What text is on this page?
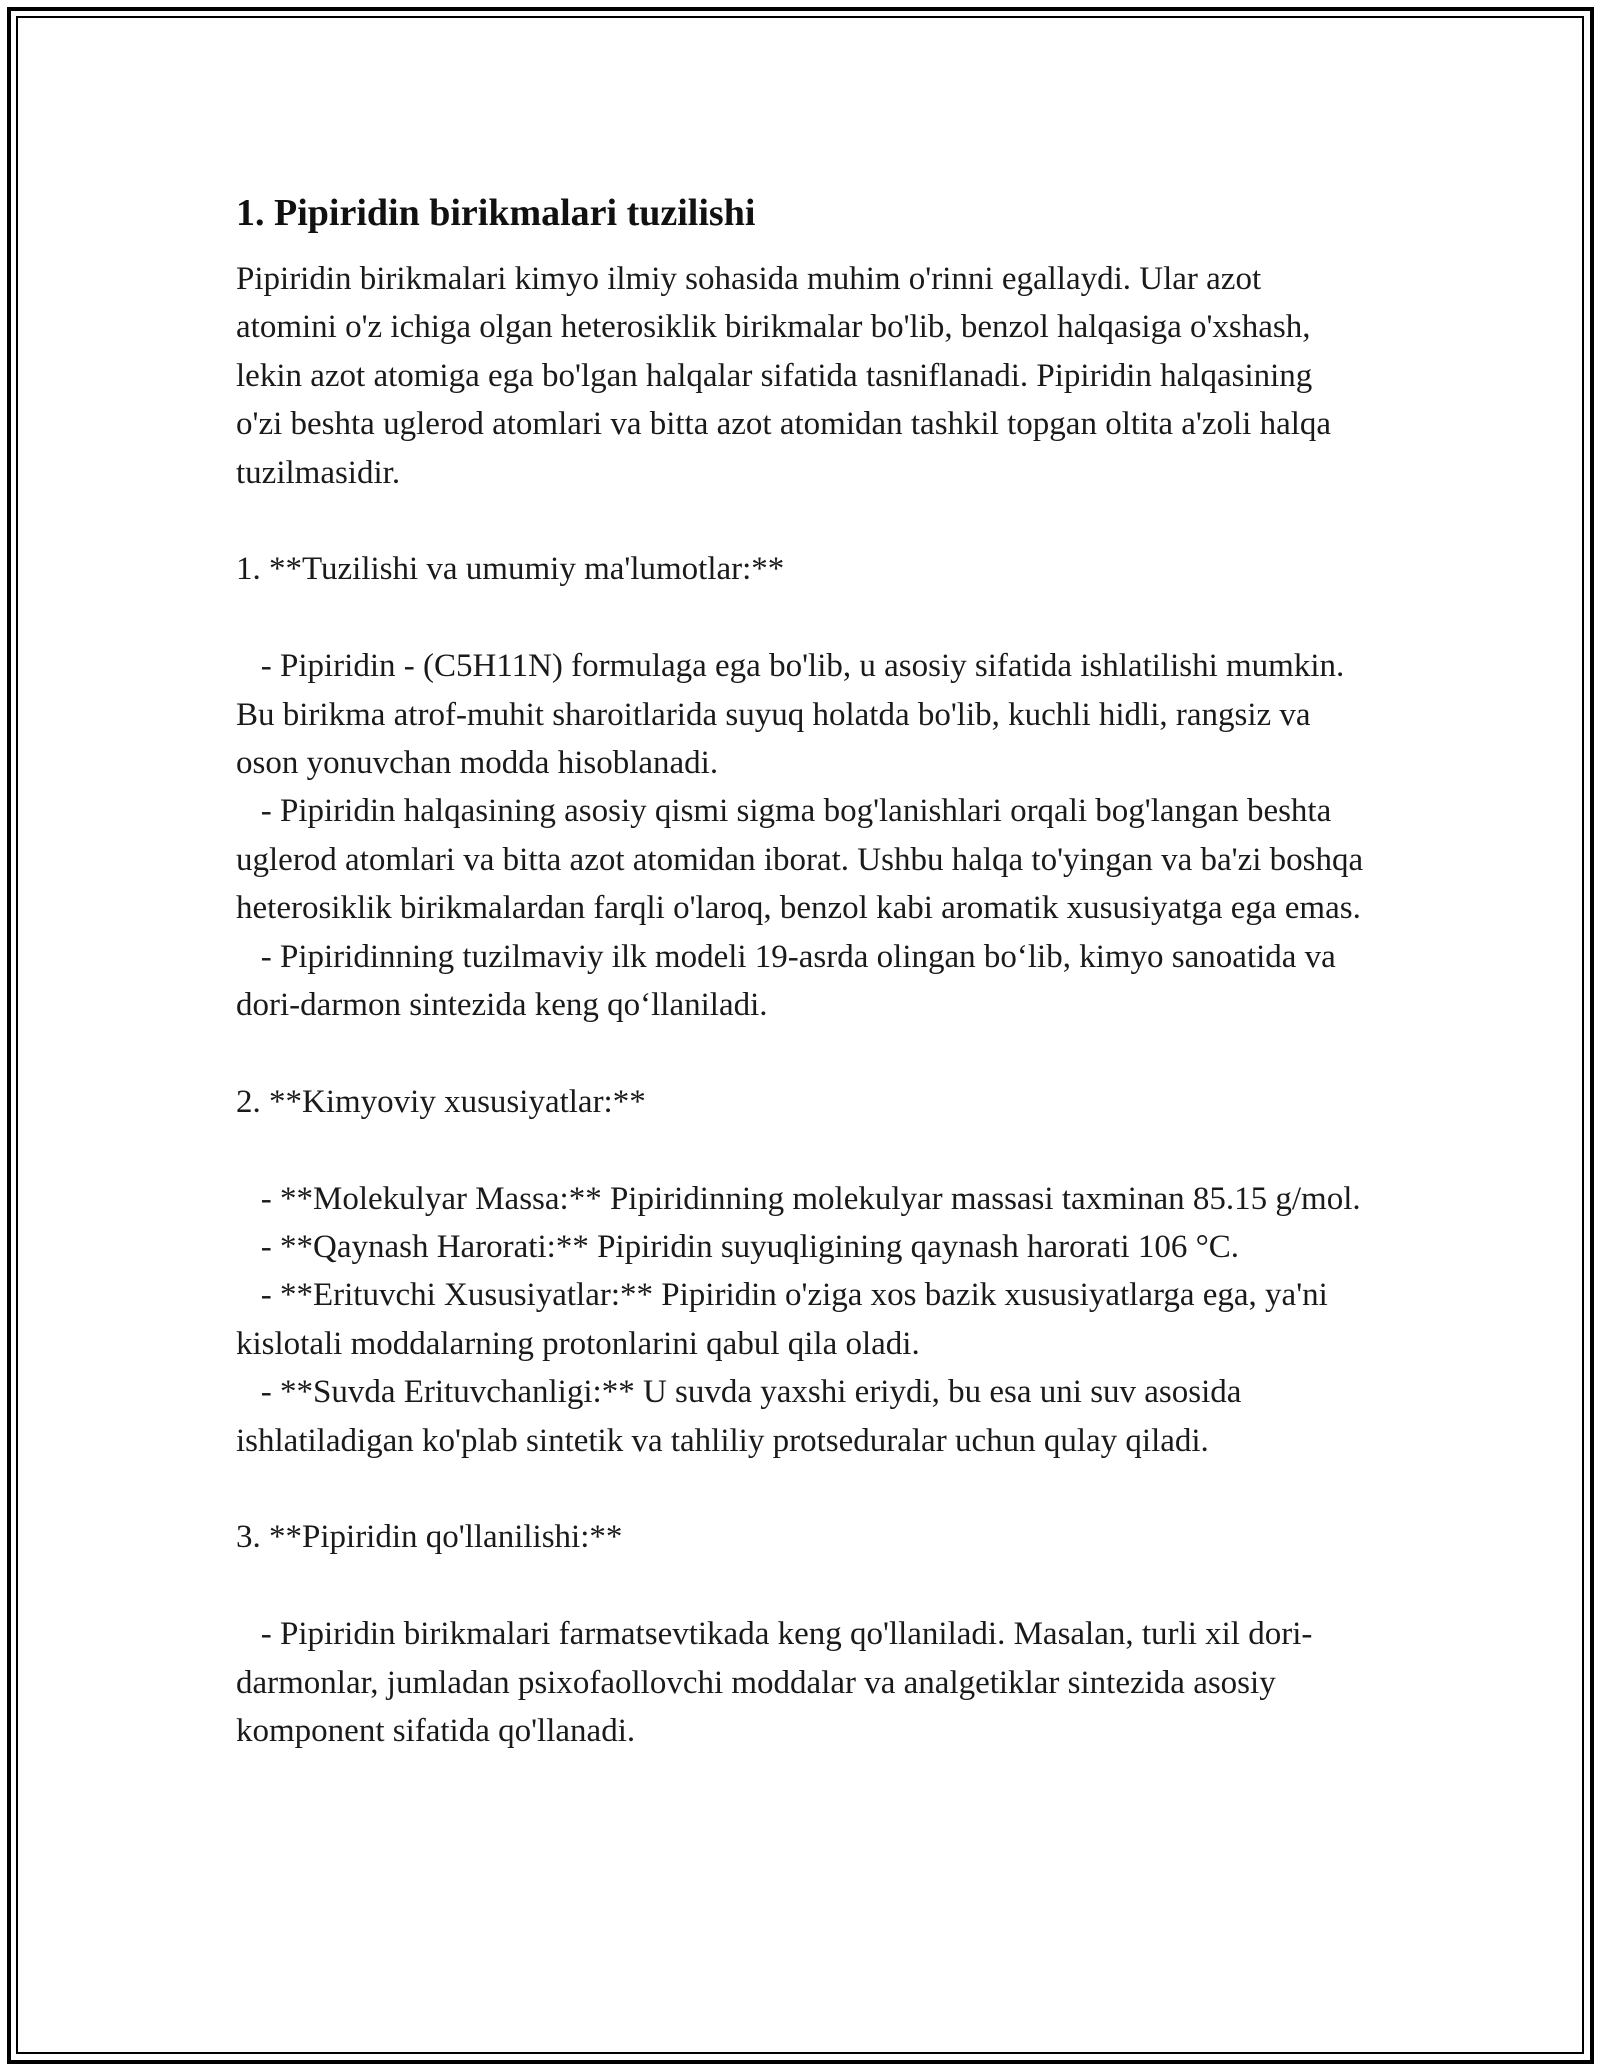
1. Pipiridin birikmalari tuzilishi

Pipiridin birikmalari kimyo ilmiy sohasida muhim o'rinni egallaydi. Ular azot atomini o'z ichiga olgan heterosiklik birikmalar bo'lib, benzol halqasiga o'xshash, lekin azot atomiga ega bo'lgan halqalar sifatida tasniflanadi. Pipiridin halqasining o'zi beshta uglerod atomlari va bitta azot atomidan tashkil topgan oltita a'zoli halqa tuzilmasidir.

1. **Tuzilishi va umumiy ma'lumotlar:**

- Pipiridin - (C5H11N) formulaga ega bo'lib, u asosiy sifatida ishlatilishi mumkin. Bu birikma atrof-muhit sharoitlarida suyuq holatda bo'lib, kuchli hidli, rangsiz va oson yonuvchan modda hisoblanadi.

- Pipiridin halqasining asosiy qismi sigma bog'lanishlari orqali bog'langan beshta uglerod atomlari va bitta azot atomidan iborat. Ushbu halqa to'yingan va ba'zi boshqa heterosiklik birikmalardan farqli o'laroq, benzol kabi aromatik xususiyatga ega emas.

- Pipiridinning tuzilmaviy ilk modeli 19-asrda olingan bo‘lib, kimyo sanoatida va dori-darmon sintezida keng qo‘llaniladi.

2. **Kimyoviy xususiyatlar:**

- **Molekulyar Massa:** Pipiridinning molekulyar massasi taxminan 85.15 g/mol.

- **Qaynash Harorati:** Pipiridin suyuqligining qaynash harorati 106 °C.

- **Erituvchi Xususiyatlar:** Pipiridin o'ziga xos bazik xususiyatlarga ega, ya'ni kislotali moddalarning protonlarini qabul qila oladi.

- **Suvda Erituvchanligi:** U suvda yaxshi eriydi, bu esa uni suv asosida ishlatiladigan ko'plab sintetik va tahliliy protseduralar uchun qulay qiladi.

3. **Pipiridin qo'llanilishi:**

- Pipiridin birikmalari farmatsevtikada keng qo'llaniladi. Masalan, turli xil dori-darmonlar, jumladan psixofaollovchi moddalar va analgetiklar sintezida asosiy komponent sifatida qo'llanadi.
